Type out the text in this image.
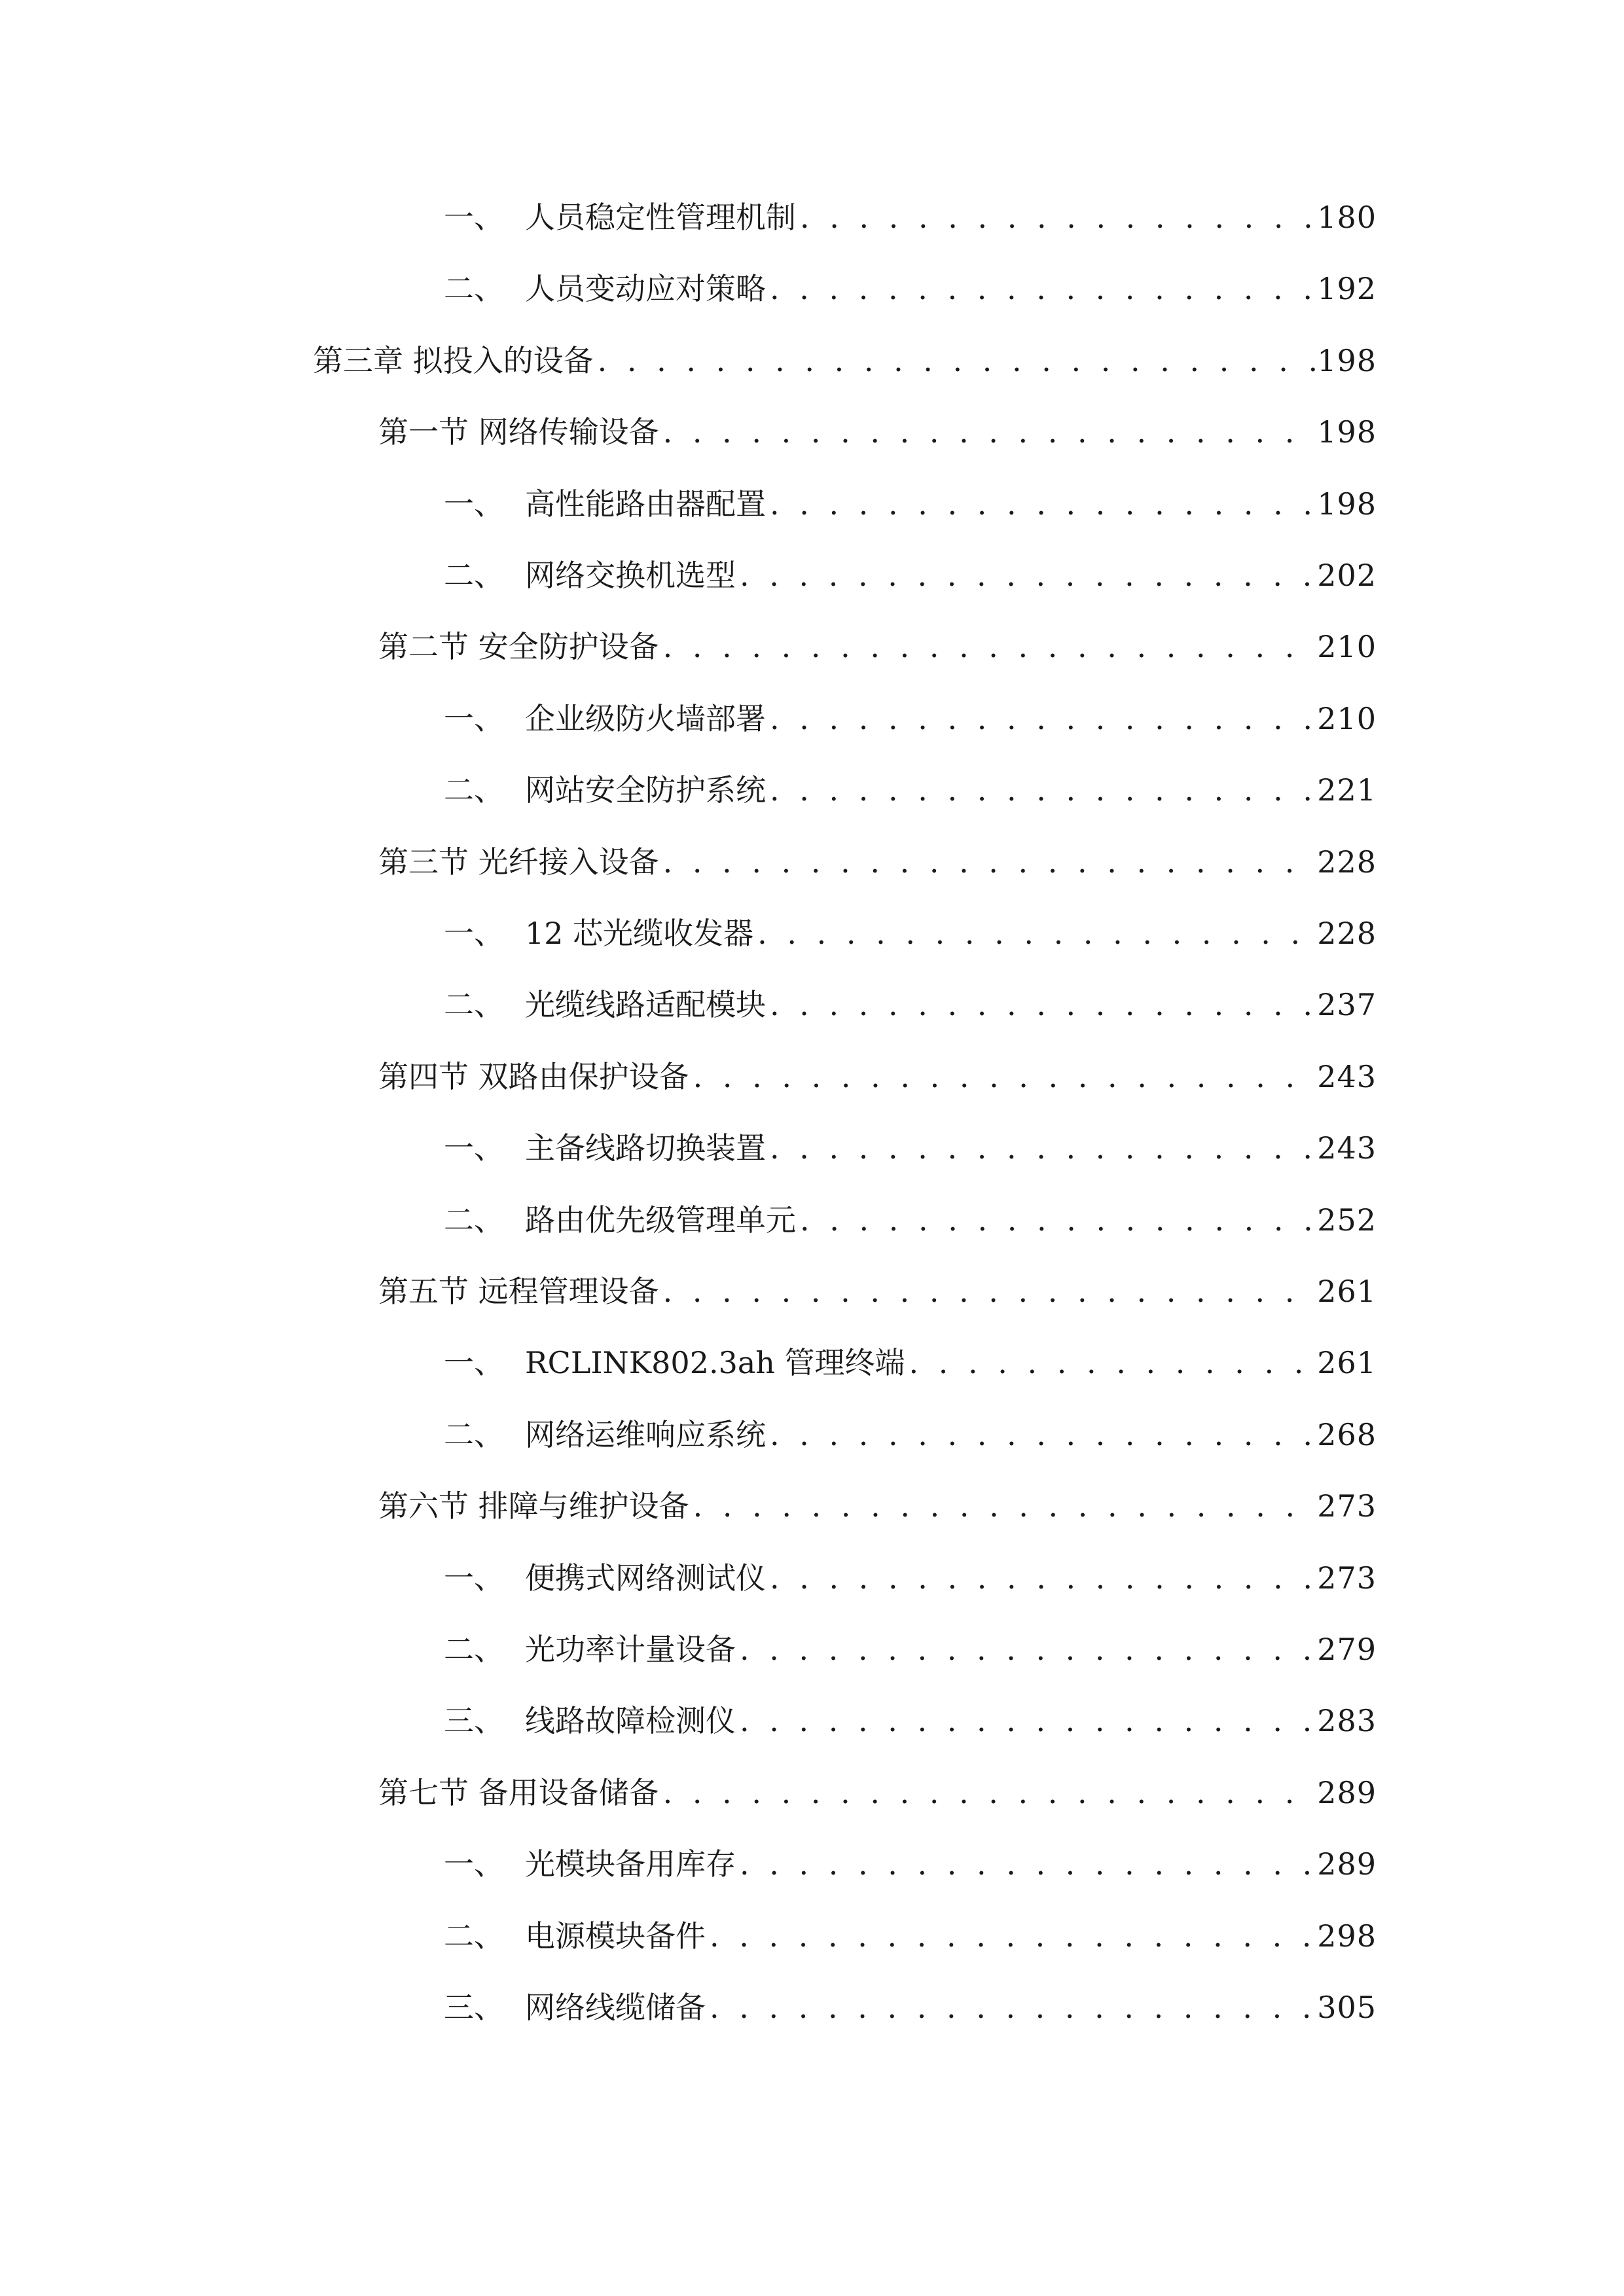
一、 人员稳定性管理机制 . . .	180
二、 人员变动应对策略 . . .	192
第三章 拟投入的设备 . . .	198
第一节 网络传输设备 . . .	198
一、 高性能路由器配置 . . .	198
二、 网络交换机选型 . . .	202
第二节 安全防护设备 . . .	210
一、 企业级防火墙部署 . . .	210
二、 网站安全防护系统 . . .	221
第三节 光纤接入设备 . . .	228
一、 12 芯光缆收发器 . . .	228
二、 光缆线路适配模块 . . .	237
第四节 双路由保护设备 . . .	243
一、 主备线路切换装置 . . .	243
二、 路由优先级管理单元 . . .	252
第五节 远程管理设备 . . .	261
一、 RCLINK802.3ah 管理终端 . . .	261
二、 网络运维响应系统 . . .	268
第六节 排障与维护设备 . . .	273
一、 便携式网络测试仪 . . .	273
二、 光功率计量设备 . . .	279
三、 线路故障检测仪 . . .	283
第七节 备用设备储备 . . .	289
一、 光模块备用库存 . . .	289
二、 电源模块备件 . . .	298
三、 网络线缆储备 . . .	305
